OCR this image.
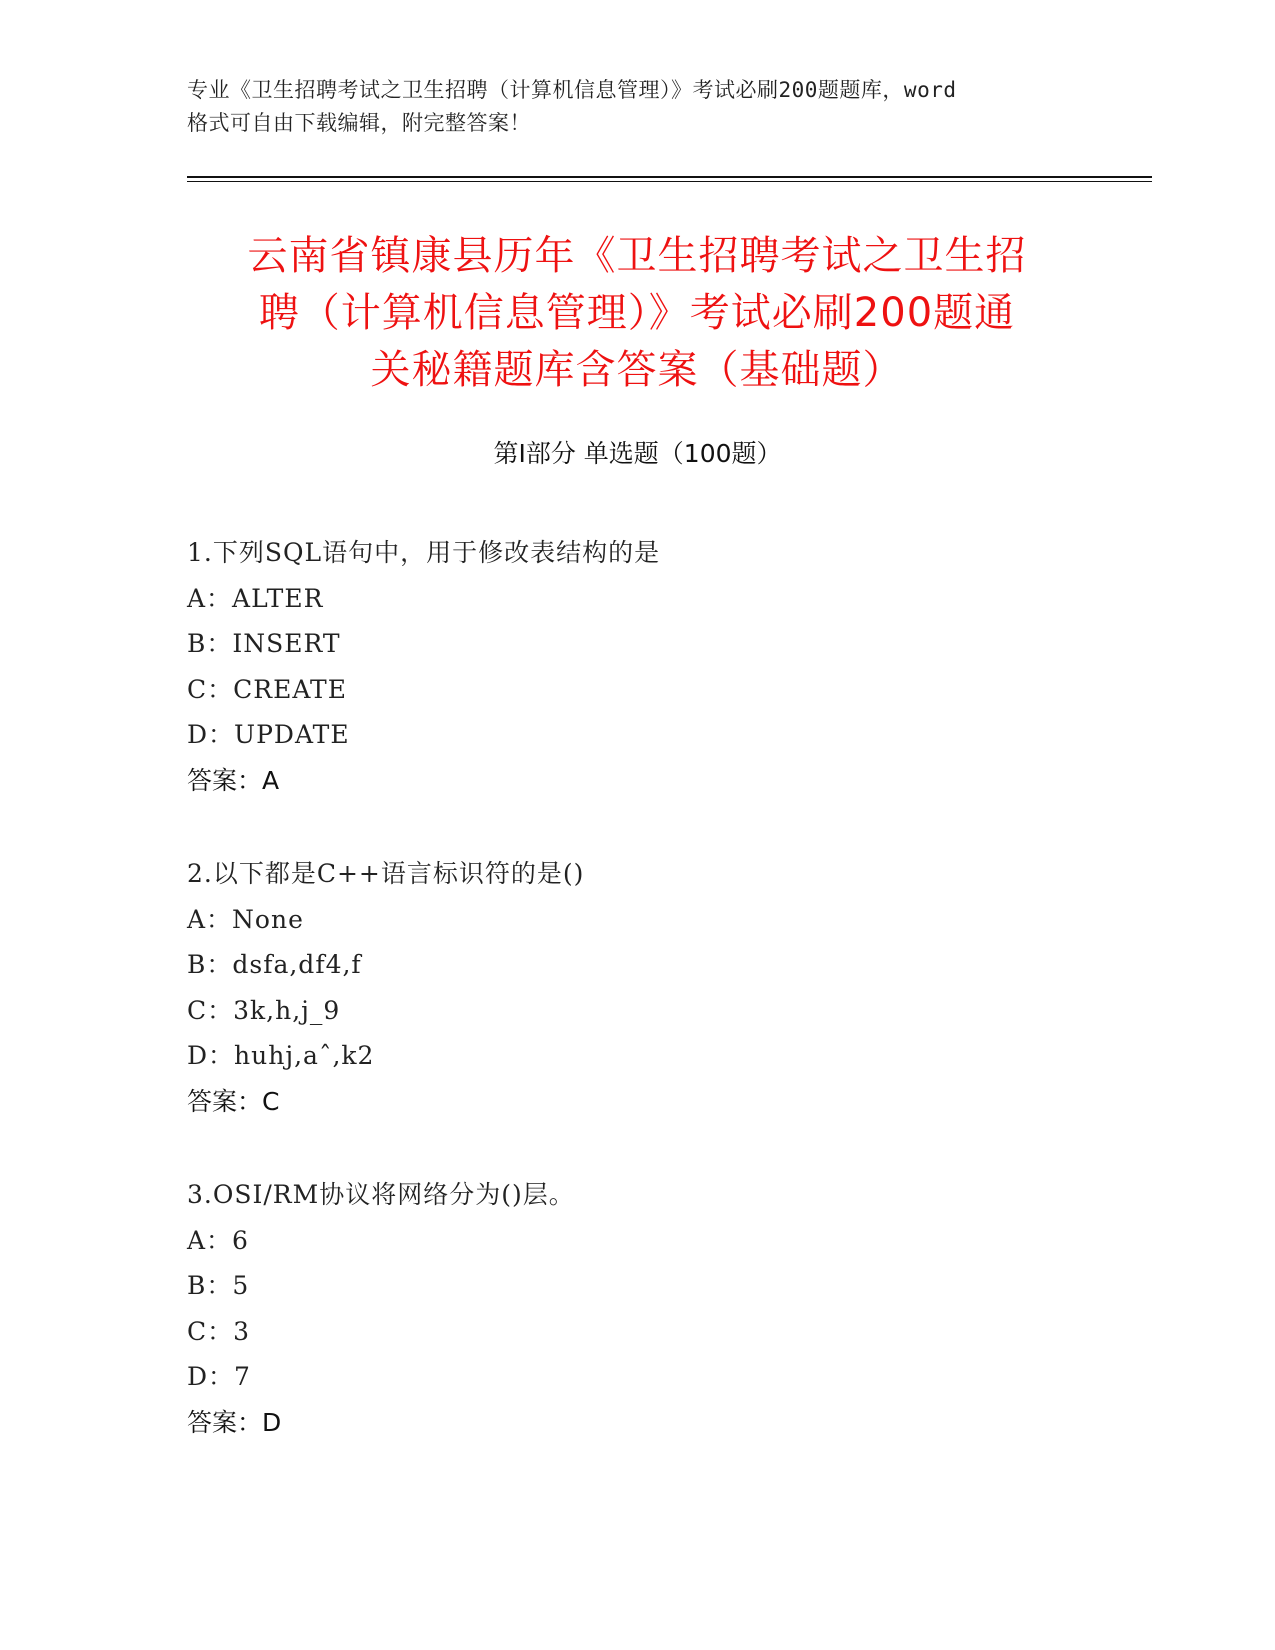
专业《卫生招聘考试之卫生招聘（计算机信息管理）》考试必刷200题题库，word
格式可自由下载编辑，附完整答案！
云南省镇康县历年《卫生招聘考试之卫生招
聘（计算机信息管理）》考试必刷200题通
关秘籍题库含答案（基础题）
第Ⅰ部分 单选题（100题）
1.下列SQL语句中，用于修改表结构的是
A：ALTER
B：INSERT
C：CREATE
D：UPDATE
答案：A
2.以下都是C++语言标识符的是()
A：None
B：dsfa,df4,f
C：3k,h,j_9
D：huhj,aˆ,k2
答案：C
3.OSI/RM协议将网络分为()层。
A：6
B：5
C：3
D：7
答案：D
